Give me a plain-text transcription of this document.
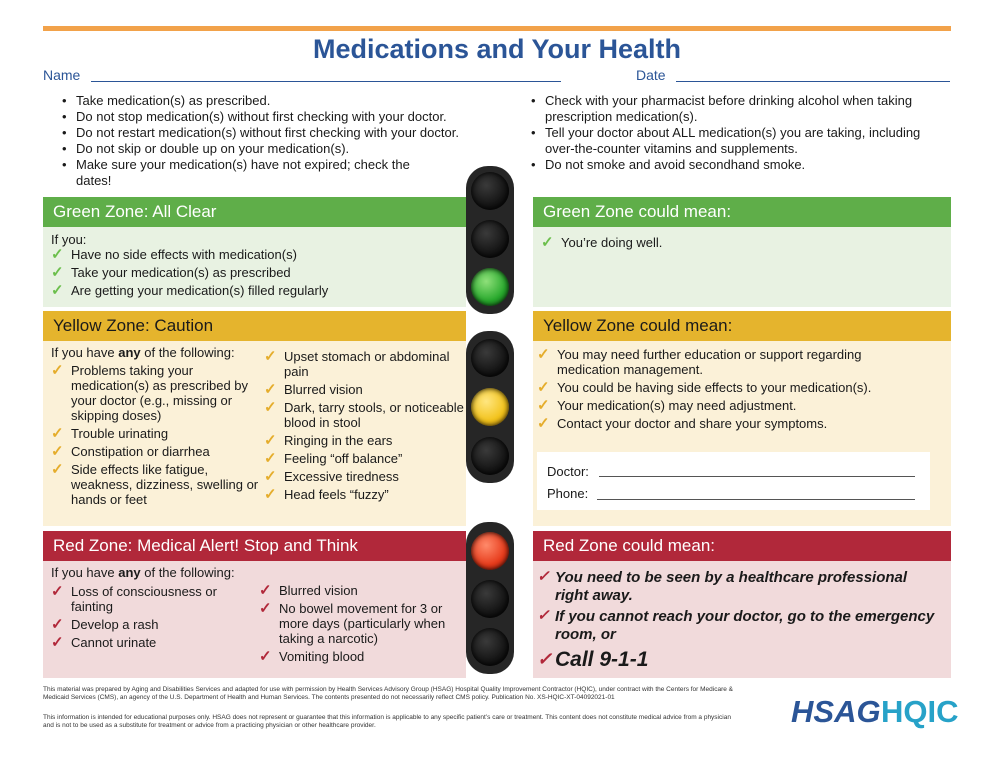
Medications and Your Health
Name	Date
• Take medication(s) as prescribed.
• Do not stop medication(s) without first checking with your doctor.
• Do not restart medication(s) without first checking with your doctor.
• Do not skip or double up on your medication(s).
• Make sure your medication(s) have not expired; check the dates!
• Check with your pharmacist before drinking alcohol when taking prescription medication(s).
• Tell your doctor about ALL medication(s) you are taking, including over-the-counter vitamins and supplements.
• Do not smoke and avoid secondhand smoke.
Green Zone: All Clear	Green Zone could mean:
If you:
✓ Have no side effects with medication(s)
✓ Take your medication(s) as prescribed
✓ Are getting your medication(s) filled regularly
✓ You’re doing well.
Yellow Zone: Caution	Yellow Zone could mean:
If you have any of the following:
✓ Problems taking your medication(s) as prescribed by your doctor (e.g., missing or skipping doses)
✓ Trouble urinating
✓ Constipation or diarrhea
✓ Side effects like fatigue, weakness, dizziness, swelling or hands or feet
✓ Upset stomach or abdominal pain
✓ Blurred vision
✓ Dark, tarry stools, or noticeable blood in stool
✓ Ringing in the ears
✓ Feeling “off balance”
✓ Excessive tiredness
✓ Head feels “fuzzy”
✓ You may need further education or support regarding medication management.
✓ You could be having side effects to your medication(s).
✓ Your medication(s) may need adjustment.
✓ Contact your doctor and share your symptoms.
Doctor:
Phone:
Red Zone: Medical Alert! Stop and Think	Red Zone could mean:
If you have any of the following:
✓ Loss of consciousness or fainting
✓ Develop a rash
✓ Cannot urinate
✓ Blurred vision
✓ No bowel movement for 3 or more days (particularly when taking a narcotic)
✓ Vomiting blood
✓ You need to be seen by a healthcare professional right away.
✓ If you cannot reach your doctor, go to the emergency room, or
✓ Call 9-1-1
This material was prepared by Aging and Disabilities Services and adapted for use with permission by Health Services Advisory Group (HSAG) Hospital Quality Improvement Contractor (HQIC), under contract with the Centers for Medicare & Medicaid Services (CMS), an agency of the U.S. Department of Health and Human Services. The contents presented do not necessarily reflect CMS policy. Publication No. XS-HQIC-XT-04092021-01
This information is intended for educational purposes only. HSAG does not represent or guarantee that this information is applicable to any specific patient’s care or treatment. This content does not constitute medical advice from a physician and is not to be used as a substitute for treatment or advice from a practicing physician or other healthcare provider.	HSAG HQIC
